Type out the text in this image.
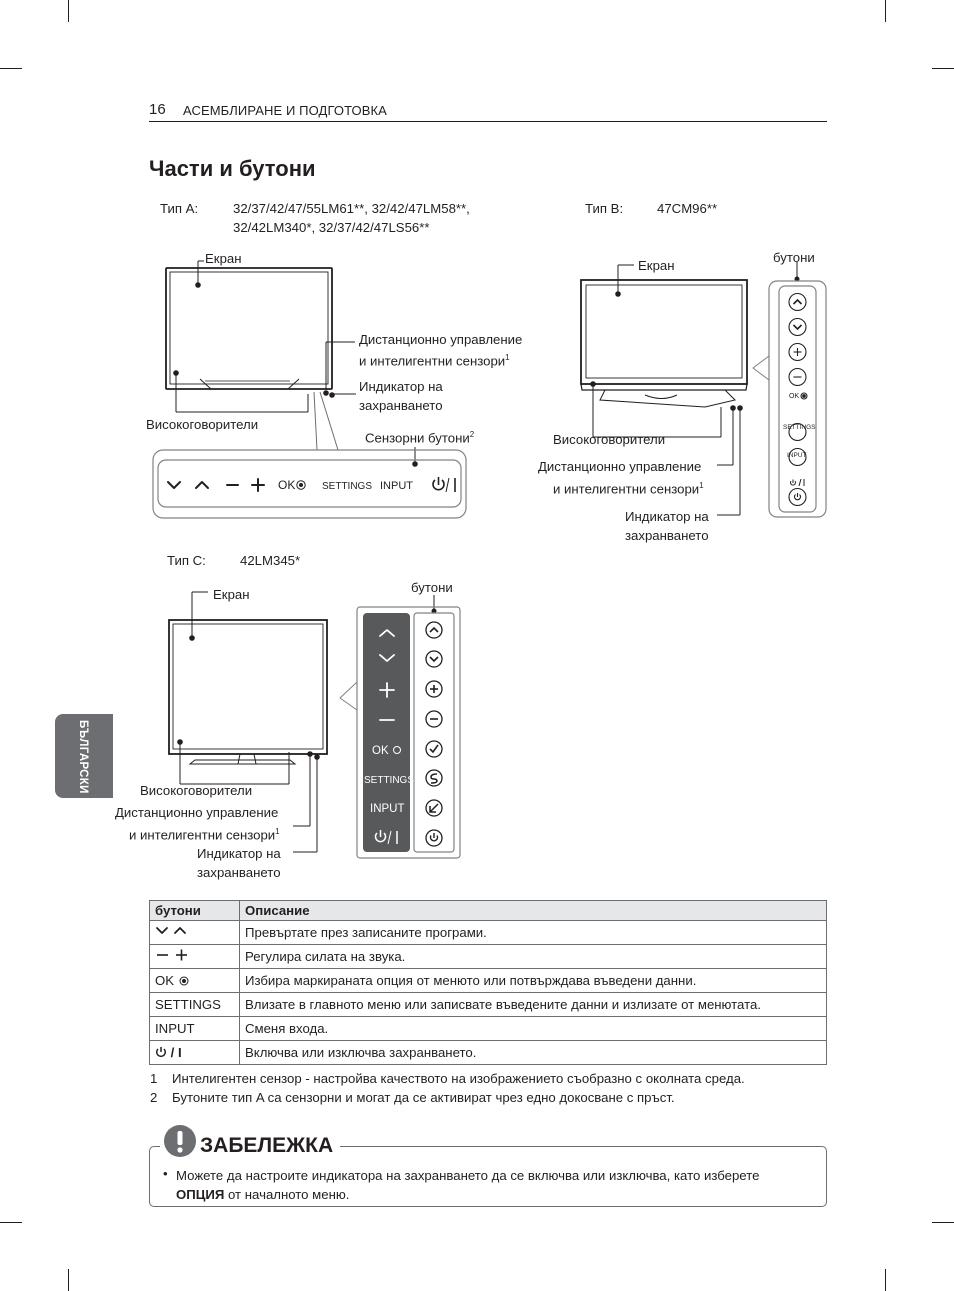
16 АСЕМБЛИРАНЕ И ПОДГОТОВКА
Части и бутони
БЪЛГАРСКИ
Тип A:	32/37/42/47/55LM61**, 32/42/47LM58**,
32/42LM340*, 32/37/42/47LS56**
OK	SETTINGS INPUT
Екран
Дистанционно управление
и интелигентни сензори$^1$
Индикатор на
захранването
Високоговорители
Сензорни бутони$^2$
Тип B:	47CM96**
OK
SETTINGS
INPUT
Екран
бутони
Високоговорители
Дистанционно управление
и интелигентни сензори$^1$
Индикатор на
захранването
Тип C:	42LM345*
OK
SETTINGS
INPUT
Екран	бутони
Високоговорители
Дистанционно управление
и интелигентни сензори$^1$
Индикатор на
захранването
бутони	Описание
	Превъртате през записаните програми.
	Регулира силата на звука.
OK	Избира маркираната опция от менюто или потвърждава въведени данни.
SETTINGS	Влизате в главното меню или записвате въведените данни и излизате от менютата.
INPUT	Сменя входа.
/ I	Включва или изключва захранването.
1 Интелигентен сензор - настройва качеството на изображението съобразно с околната среда.
2 Бутоните тип A са сензорни и могат да се активират чрез едно докосване с пръст.
ЗАБЕЛЕЖКА
• Можете да настроите индикатора на захранването да се включва или изключва, като изберете
ОПЦИЯ от началното меню.
